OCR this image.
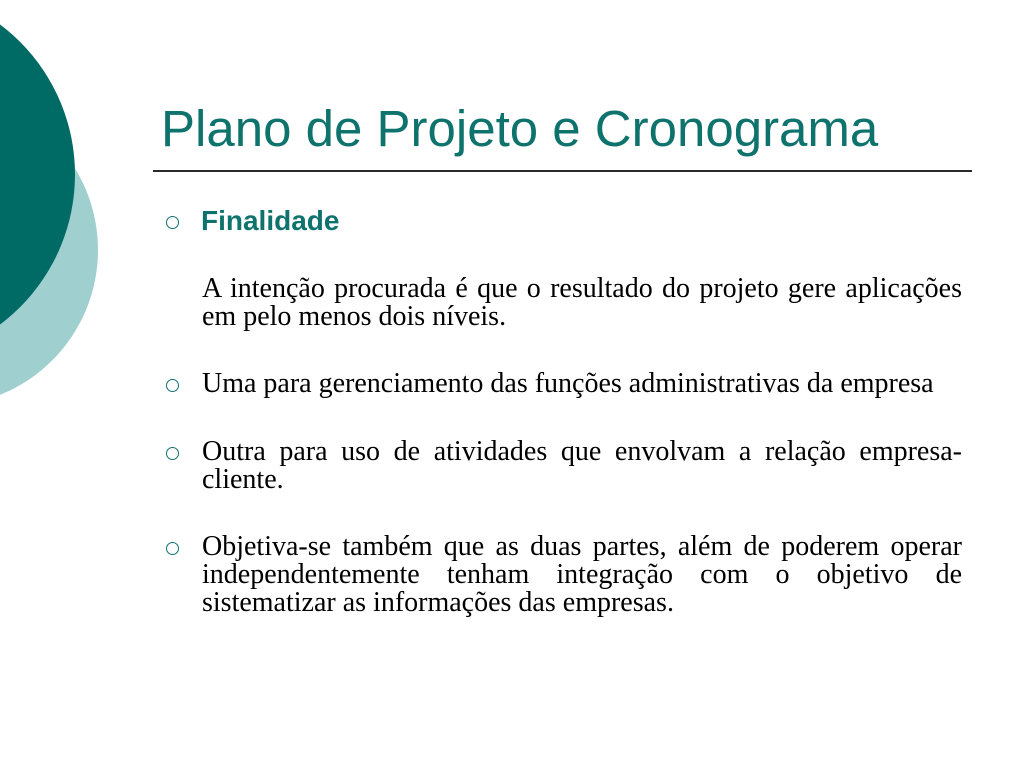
Plano de Projeto e Cronograma
Finalidade
A intenção procurada é que o resultado do projeto gere aplicações em pelo menos dois níveis.
Uma para gerenciamento das funções administrativas da empresa
Outra para uso de atividades que envolvam a relação empresa-cliente.
Objetiva-se também que as duas partes, além de poderem operar independentemente tenham integração com o objetivo de sistematizar as informações das empresas.
